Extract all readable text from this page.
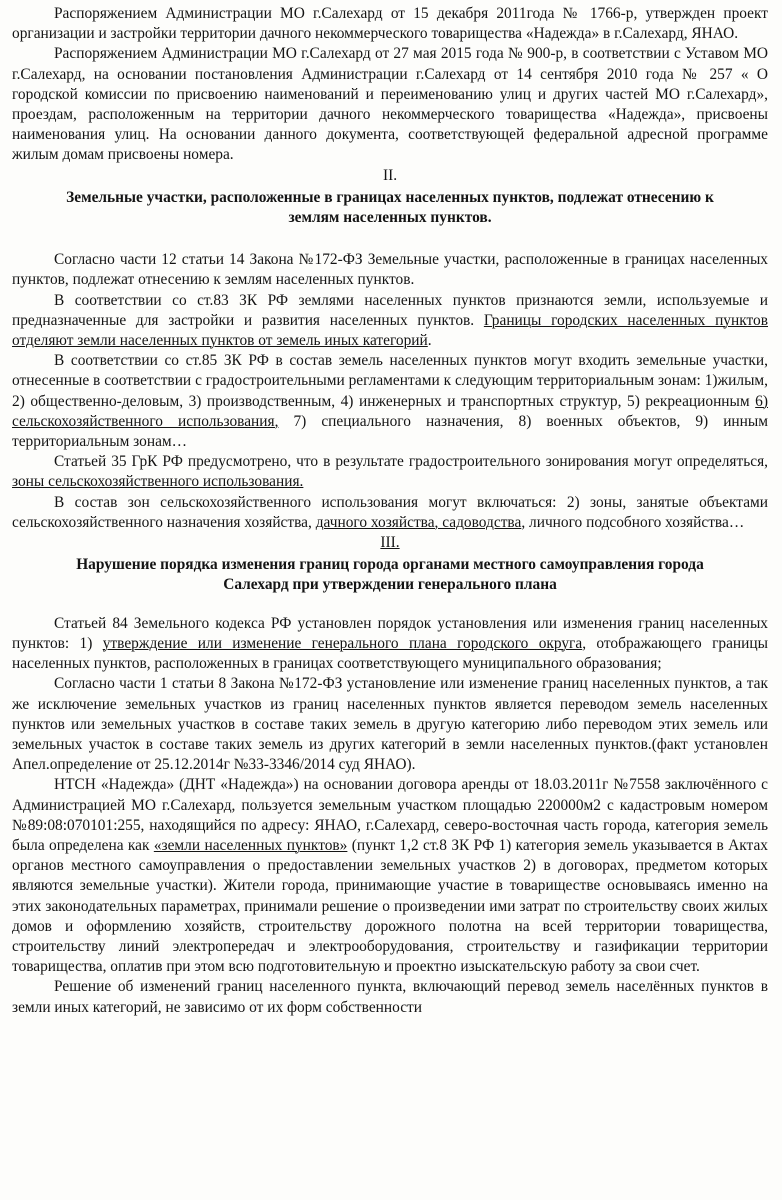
Распоряжением Администрации МО г.Салехард от 15 декабря 2011года № 1766-р, утвержден проект организации и застройки территории дачного некоммерческого товарищества «Надежда» в г.Салехард, ЯНАО.

Распоряжением Администрации МО г.Салехард от 27 мая 2015 года № 900-р, в соответствии с Уставом МО г.Салехард, на основании постановления Администрации г.Салехард от 14 сентября 2010 года № 257 « О городской комиссии по присвоению наименований и переименованию улиц и других частей МО г.Салехард», проездам, расположенным на территории дачного некоммерческого товарищества «Надежда», присвоены наименования улиц. На основании данного документа, соответствующей федеральной адресной программе жилым домам присвоены номера.

II.
Земельные участки, расположенные в границах населенных пунктов, подлежат отнесению к землям населенных пунктов.

Согласно части 12 статьи 14 Закона №172-ФЗ Земельные участки, расположенные в границах населенных пунктов, подлежат отнесению к землям населенных пунктов.

В соответствии со ст.83 ЗК РФ землями населенных пунктов признаются земли, используемые и предназначенные для застройки и развития населенных пунктов. Границы городских населенных пунктов отделяют земли населенных пунктов от земель иных категорий.

В соответствии со ст.85 ЗК РФ в состав земель населенных пунктов могут входить земельные участки, отнесенные в соответствии с градостроительными регламентами к следующим территориальным зонам: 1)жилым, 2) общественно-деловым, 3) производственным, 4) инженерных и транспортных структур, 5) рекреационным 6) сельскохозяйственного использования, 7) специального назначения, 8) военных объектов, 9) инным территориальным зонам…

Статьей 35 ГрК РФ предусмотрено, что в результате градостроительного зонирования могут определяться, зоны сельскохозяйственного использования.

В состав зон сельскохозяйственного использования могут включаться: 2) зоны, занятые объектами сельскохозяйственного назначения хозяйства, дачного хозяйства, садоводства, личного подсобного хозяйства…

III.
Нарушение порядка изменения границ города органами местного самоуправления города Салехард при утверждении генерального плана

Статьей 84 Земельного кодекса РФ установлен порядок установления или изменения границ населенных пунктов: 1) утверждение или изменение генерального плана городского округа, отображающего границы населенных пунктов, расположенных в границах соответствующего муниципального образования;

Согласно части 1 статьи 8 Закона №172-ФЗ установление или изменение границ населенных пунктов, а так же исключение земельных участков из границ населенных пунктов является переводом земель населенных пунктов или земельных участков в составе таких земель в другую категорию либо переводом этих земель или земельных участок в составе таких земель из других категорий в земли населенных пунктов.(факт установлен Апел.определение от 25.12.2014г №33-3346/2014 суд ЯНАО).

НТСН «Надежда» (ДНТ «Надежда») на основании договора аренды от 18.03.2011г №7558 заключённого с Администрацией МО г.Салехард, пользуется земельным участком площадью 220000м2 с кадастровым номером №89:08:070101:255, находящийся по адресу: ЯНАО, г.Салехард, северо-восточная часть города, категория земель была определена как «земли населенных пунктов» (пункт 1,2 ст.8 ЗК РФ 1) категория земель указывается в Актах органов местного самоуправления о предоставлении земельных участков 2) в договорах, предметом которых являются земельные участки). Жители города, принимающие участие в товариществе основываясь именно на этих законодательных параметрах, принимали решение о произведении ими затрат по строительству своих жилых домов и оформлению хозяйств, строительству дорожного полотна на всей территории товарищества, строительству линий электропередач и электрооборудования, строительству и газификации территории товарищества, оплатив при этом всю подготовительную и проектно изыскательскую работу за свои счет.

Решение об изменений границ населенного пункта, включающий перевод земель населённых пунктов в земли иных категорий, не зависимо от их форм собственности
